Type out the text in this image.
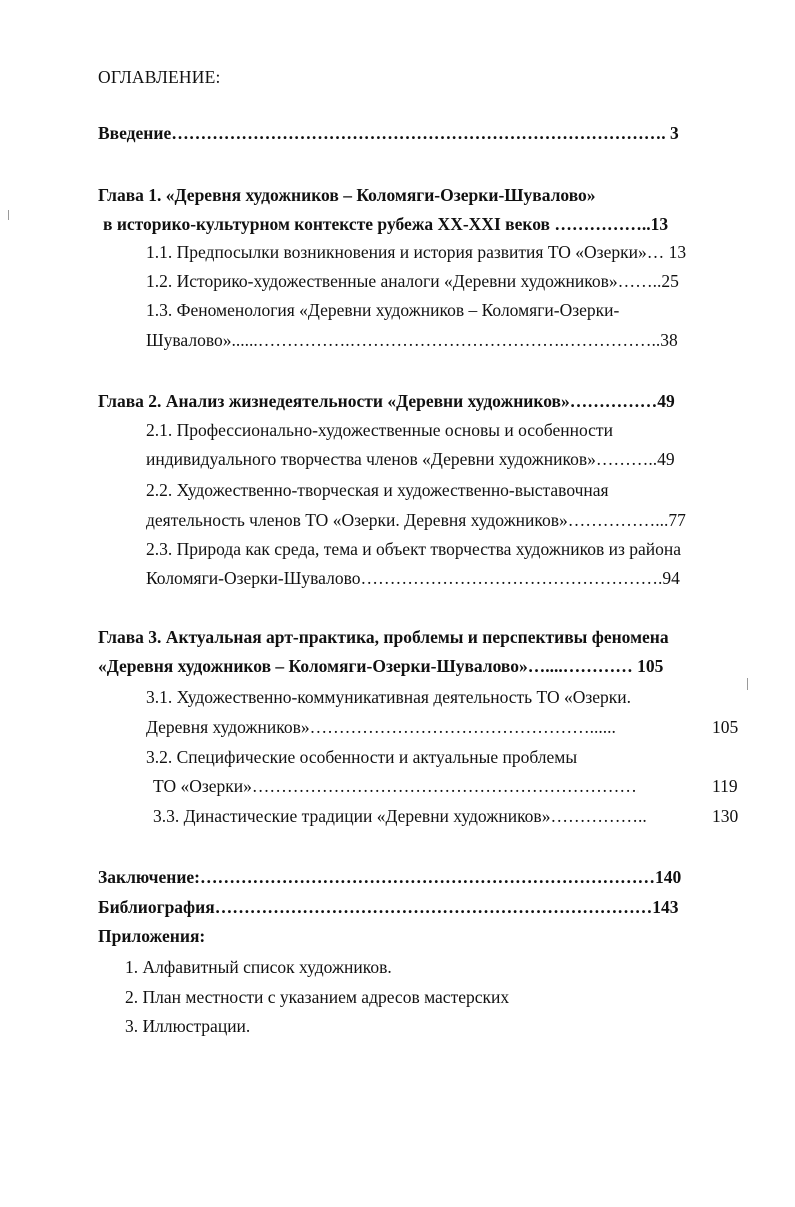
ОГЛАВЛЕНИЕ:
Введение…………………………………………………………………………. 3
Глава 1. «Деревня художников – Коломяги-Озерки-Шувалово»
в историко-культурном контексте рубежа XX-XXI веков ……………..13
1.1. Предпосылки возникновения и история развития ТО «Озерки»… 13
1.2. Историко-художественные аналоги «Деревни художников»……..25
1.3. Феноменология «Деревни художников – Коломяги-Озерки-
Шувалово»......…………….……………………………….……………..38
Глава 2. Анализ жизнедеятельности «Деревни художников»……………49
2.1. Профессионально-художественные основы и особенности
индивидуального творчества членов «Деревни художников»………..49
2.2. Художественно-творческая и художественно-выставочная
деятельность членов ТО «Озерки. Деревня художников»……………...77
2.3. Природа как среда, тема и объект творчества художников из района
Коломяги-Озерки-Шувалово…………………………………………….94
Глава 3. Актуальная арт-практика, проблемы и перспективы феномена
«Деревня художников – Коломяги-Озерки-Шувалово»…....………… 105
3.1. Художественно-коммуникативная деятельность ТО «Озерки.
Деревня художников»…………………………………………......	105
3.2. Специфические особенности и актуальные проблемы
ТО «Озерки»…………………………………………………………	119
3.3. Династические традиции «Деревни художников»……………..	130
Заключение:……………………………………………………………………140
Библиография…………………………………………………………………143
Приложения:
1. Алфавитный список художников.
2. План местности с указанием адресов мастерских
3. Иллюстрации.
